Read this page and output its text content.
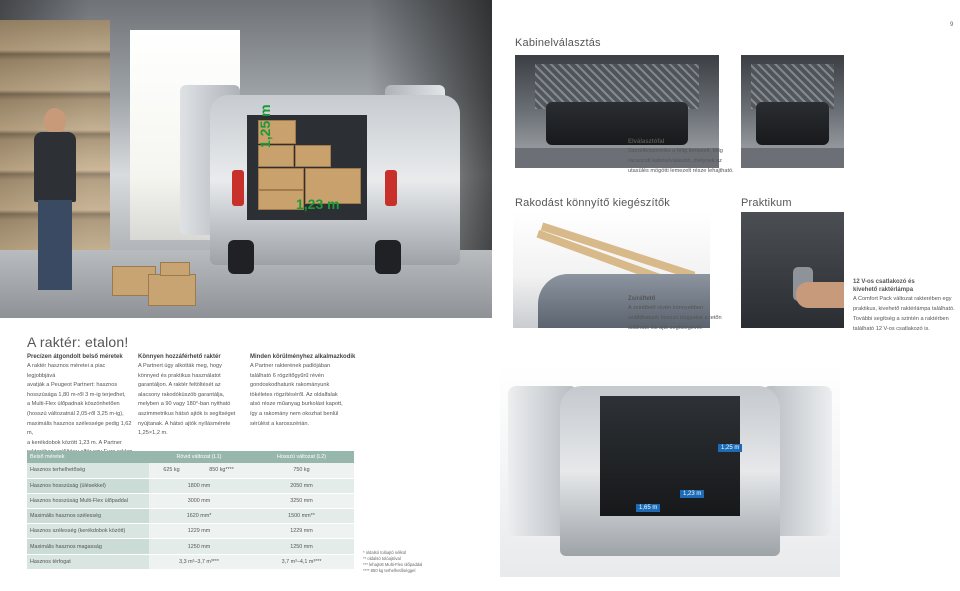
1,25 m
1,23 m
1,25 m
1,23 m
1,65 m
9
Kabinelválasztás
Rakodást könnyítő kiegészítők	Praktikum
A raktér: etalon!
Elválasztófal
Szerelfelszerelés a félig lemezelt, félig
rácsozott kabinelválasztó, melynek az
utasülés mögötti lemezelt része lehajtható.
Zsiráftető
A zsiráftető révén könnyebben
szállíthatunk hosszú tárgyakat a tetőn
található kis ajtó segítségével.
12 V-os csatlakozó és
kivehető raktérlámpa
A Comfort Pack változat rakterében egy
praktikus, kivehető raktérlámpa található.
További segítség a szintén a raktérben
található 12 V-os csatlakozó is.
Precízen átgondolt belső méretek
A raktér hasznos méretei a piac legjobbjává
avatják a Peugeot Partnert: hasznos
hosszúsága 1,80 m-ről 3 m-ig terjedhet,
a Multi-Flex ülőpadnak köszönhetően
(hosszú változatnál 2,05-ről 3,25 m-ig),
maximális hasznos szélessége pedig 1,62 m,
a kerékdobok között 1,23 m. A Partner
Könnyen hozzáférhető raktér
A Partnert úgy alkották meg, hogy
könnyed és praktikus használatot
garantáljon. A raktér feltöltését az
alacsony rakodóküszöb garantálja,
melyben a 90 vagy 180°-ban nyitható
aszimmetrikus hátsó ajtók is segítséget
nyújtanak. A hátsó ajtók nyílásmérete
1,25×1,2 m.
Minden körülményhez alkalmazkodik
A Partner rakterének padlójában
található 6 rögzítőgyűrű révén
gondoskodhatunk rakományunk
tökéletes rögzítéséről. Az oldalfalak
alsó része műanyag burkolást kapott,
így a rakomány nem okozhat benlül
sérülést a karosszérián.
Belső méretek	Rövid változat (L1)		Hosszú változat (L2)
Hasznos terhelhetőség	625 kg	850 kg****	750 kg
Hasznos hosszúság (ülésekkel)	1800 mm		2050 mm
Hasznos hosszúság Multi-Flex ülőpaddal	3000 mm		3250 mm
Maximális hasznos szélesség	1620 mm*		1500 mm**
Hasznos szélesség (kerékdobok között)	1229 mm		1229 mm
Maximális hasznos magasság	1250 mm		1250 mm
Hasznos térfogat	3,3 m³–3,7 m³***		3,7 m³–4,1 m³***
* oldalsó tolóajtó nélkül
** oldalsó tolóajtóval
*** lehajtott Multi-Flex ülőpaddal
**** 850 kg terhelhetőséggel
